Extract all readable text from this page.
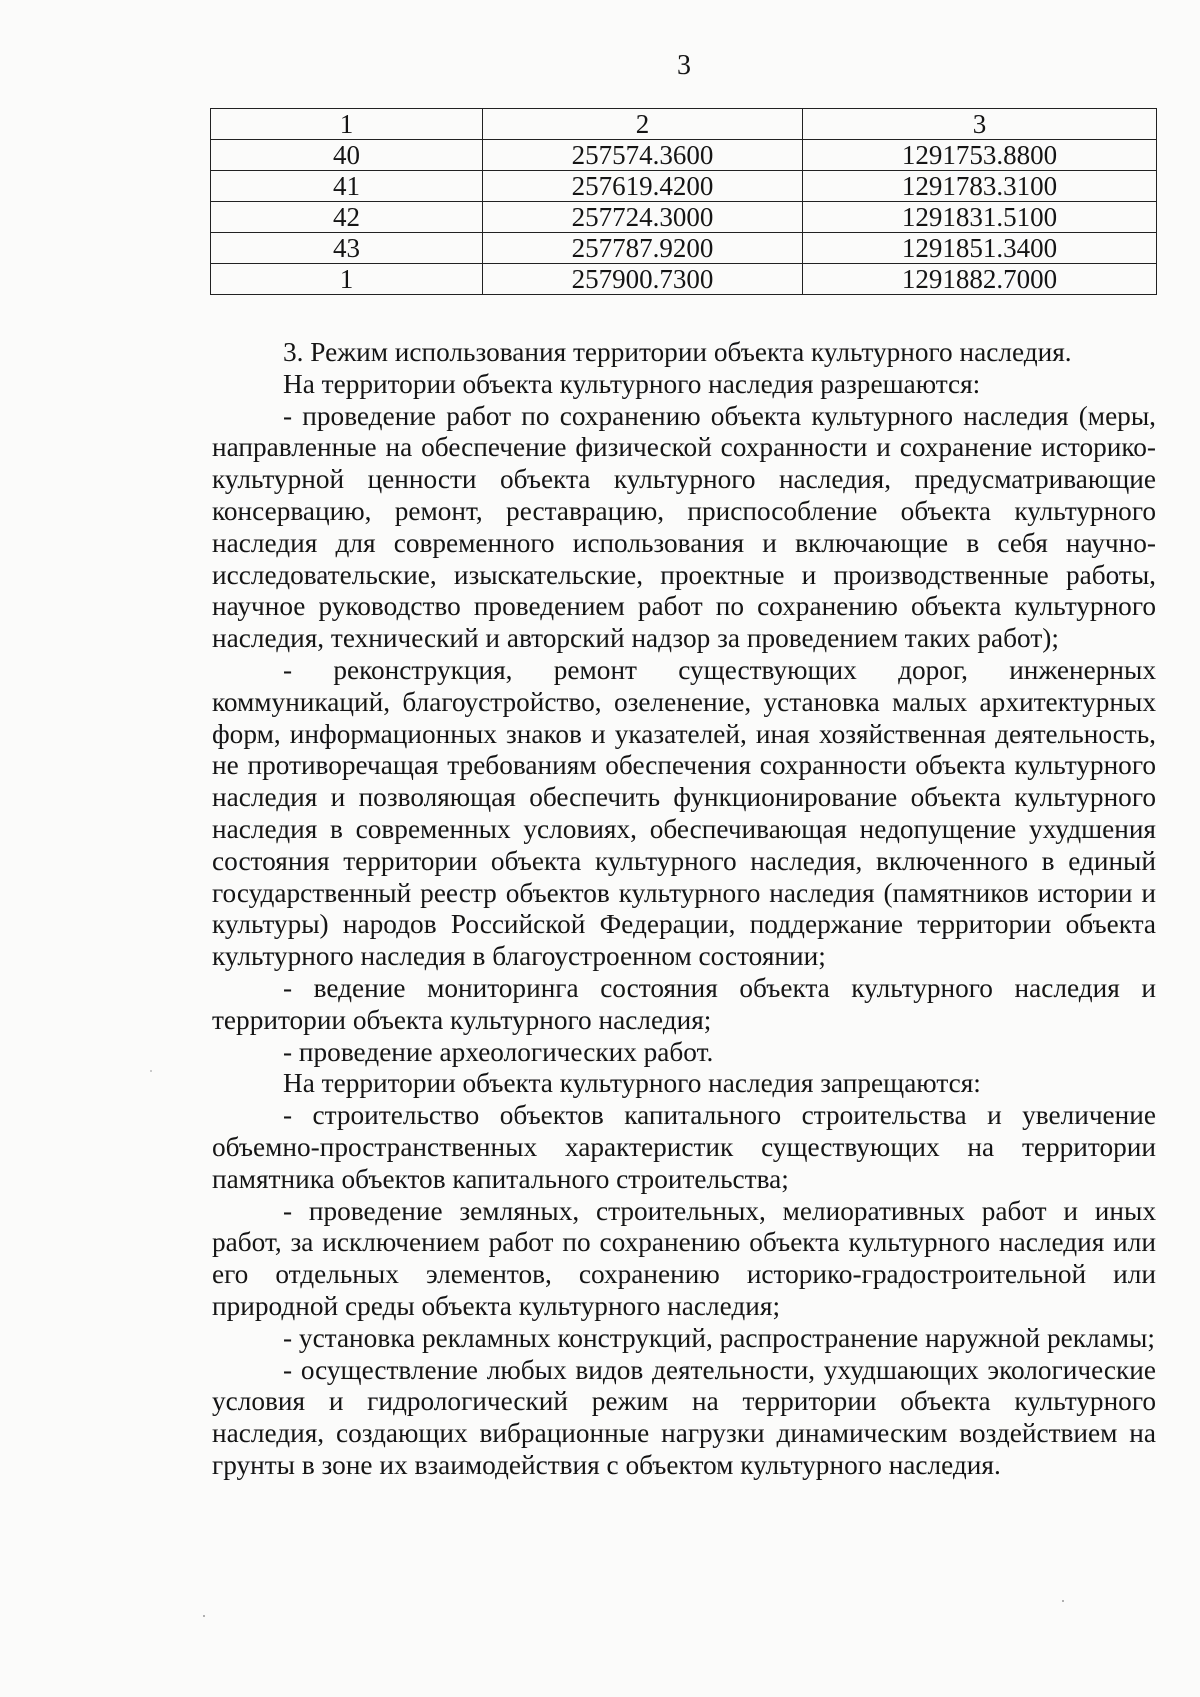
3
1	2	3
40	257574.3600	1291753.8800
41	257619.4200	1291783.3100
42	257724.3000	1291831.5100
43	257787.9200	1291851.3400
1	257900.7300	1291882.7000

3. Режим использования территории объекта культурного наследия.

На территории объекта культурного наследия разрешаются:

- проведение работ по сохранению объекта культурного наследия (меры, направленные на обеспечение физической сохранности и сохранение историко-культурной ценности объекта культурного наследия, предусматривающие консервацию, ремонт, реставрацию, приспособление объекта культурного наследия для современного использования и включающие в себя научно-исследовательские, изыскательские, проектные и производственные работы, научное руководство проведением работ по сохранению объекта культурного наследия, технический и авторский надзор за проведением таких работ);

- реконструкция, ремонт существующих дорог, инженерных коммуникаций, благоустройство, озеленение, установка малых архитектурных форм, информационных знаков и указателей, иная хозяйственная деятельность, не противоречащая требованиям обеспечения сохранности объекта культурного наследия и позволяющая обеспечить функционирование объекта культурного наследия в современных условиях, обеспечивающая недопущение ухудшения состояния территории объекта культурного наследия, включенного в единый государственный реестр объектов культурного наследия (памятников истории и культуры) народов Российской Федерации, поддержание территории объекта культурного наследия в благоустроенном состоянии;

- ведение мониторинга состояния объекта культурного наследия и территории объекта культурного наследия;

- проведение археологических работ.

На территории объекта культурного наследия запрещаются:

- строительство объектов капитального строительства и увеличение объемно-пространственных характеристик существующих на территории памятника объектов капитального строительства;

- проведение земляных, строительных, мелиоративных работ и иных работ, за исключением работ по сохранению объекта культурного наследия или его отдельных элементов, сохранению историко-градостроительной или природной среды объекта культурного наследия;

- установка рекламных конструкций, распространение наружной рекламы;

- осуществление любых видов деятельности, ухудшающих экологические условия и гидрологический режим на территории объекта культурного наследия, создающих вибрационные нагрузки динамическим воздействием на грунты в зоне их взаимодействия с объектом культурного наследия.
